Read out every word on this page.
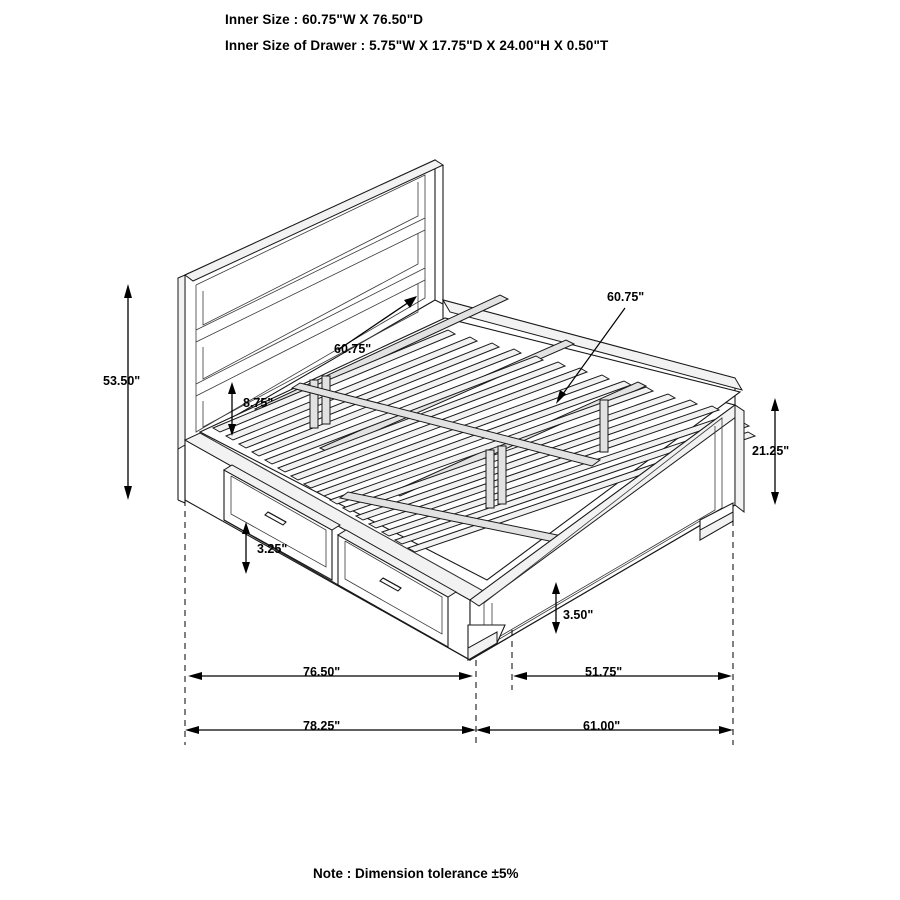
Inner Size : 60.75"W X 76.50"D
Inner Size of Drawer : 5.75"W X 17.75"D X 24.00"H X 0.50"T
53.50"
60.75"
60.75"
8.75"
3.25"
21.25"
3.50"
76.50"	51.75"
78.25"	61.00"
Note : Dimension tolerance ±5%
